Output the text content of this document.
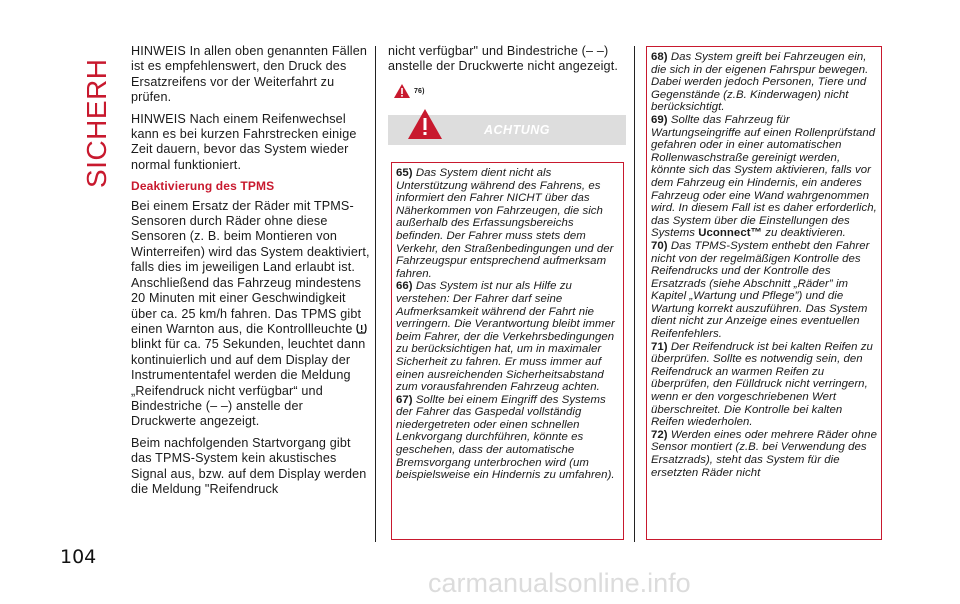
SICHERHEIT
104

HINWEIS In allen oben genannten Fällen ist es empfehlenswert, den Druck des Ersatzreifens vor der Weiterfahrt zu prüfen.

HINWEIS Nach einem Reifenwechsel kann es bei kurzen Fahrstrecken einige Zeit dauern, bevor das System wieder normal funktioniert.

Deaktivierung des TPMS

Bei einem Ersatz der Räder mit TPMS-Sensoren durch Räder ohne diese Sensoren (z. B. beim Montieren von Winterreifen) wird das System deaktiviert, falls dies im jeweiligen Land erlaubt ist. Anschließend das Fahrzeug mindestens 20 Minuten mit einer Geschwindigkeit über ca. 25 km/h fahren. Das TPMS gibt einen Warnton aus, die Kontrollleuchte  blinkt für ca. 75 Sekunden, leuchtet dann kontinuierlich und auf dem Display der Instrumententafel werden die Meldung „Reifendruck nicht verfügbar“ und Bindestriche (– –) anstelle der Druckwerte angezeigt.

Beim nachfolgenden Startvorgang gibt das TPMS-System kein akustisches Signal aus, bzw. auf dem Display werden die Meldung "Reifendruck

nicht verfügbar" und Bindestriche (– –) anstelle der Druckwerte nicht angezeigt.

76)
ACHTUNG
65) Das System dient nicht als Unterstützung während des Fahrens, es informiert den Fahrer NICHT über das Näherkommen von Fahrzeugen, die sich außerhalb des Erfassungsbereichs befinden. Der Fahrer muss stets dem Verkehr, den Straßenbedingungen und der Fahrzeugspur entsprechend aufmerksam fahren.
66) Das System ist nur als Hilfe zu verstehen: Der Fahrer darf seine Aufmerksamkeit während der Fahrt nie verringern. Die Verantwortung bleibt immer beim Fahrer, der die Verkehrsbedingungen zu berücksichtigen hat, um in maximaler Sicherheit zu fahren. Er muss immer auf einen ausreichenden Sicherheitsabstand zum vorausfahrenden Fahrzeug achten.
67) Sollte bei einem Eingriff des Systems der Fahrer das Gaspedal vollständig niedergetreten oder einen schnellen Lenkvorgang durchführen, könnte es geschehen, dass der automatische Bremsvorgang unterbrochen wird (um beispielsweise ein Hindernis zu umfahren).
68) Das System greift bei Fahrzeugen ein, die sich in der eigenen Fahrspur bewegen. Dabei werden jedoch Personen, Tiere und Gegenstände (z.B. Kinderwagen) nicht berücksichtigt.
69) Sollte das Fahrzeug für Wartungseingriffe auf einen Rollenprüfstand gefahren oder in einer automatischen Rollenwaschstraße gereinigt werden, könnte sich das System aktivieren, falls vor dem Fahrzeug ein Hindernis, ein anderes Fahrzeug oder eine Wand wahrgenommen wird. In diesem Fall ist es daher erforderlich, das System über die Einstellungen des Systems Uconnect™ zu deaktivieren.
70) Das TPMS-System enthebt den Fahrer nicht von der regelmäßigen Kontrolle des Reifendrucks und der Kontrolle des Ersatzrads (siehe Abschnitt „Räder” im Kapitel „Wartung und Pflege”) und die Wartung korrekt auszuführen. Das System dient nicht zur Anzeige eines eventuellen Reifenfehlers.
71) Der Reifendruck ist bei kalten Reifen zu überprüfen. Sollte es notwendig sein, den Reifendruck an warmen Reifen zu überprüfen, den Fülldruck nicht verringern, wenn er den vorgeschriebenen Wert überschreitet. Die Kontrolle bei kalten Reifen wiederholen.
72) Werden eines oder mehrere Räder ohne Sensor montiert (z.B. bei Verwendung des Ersatzrads), steht das System für die ersetzten Räder nicht
carmanualsonline.info
